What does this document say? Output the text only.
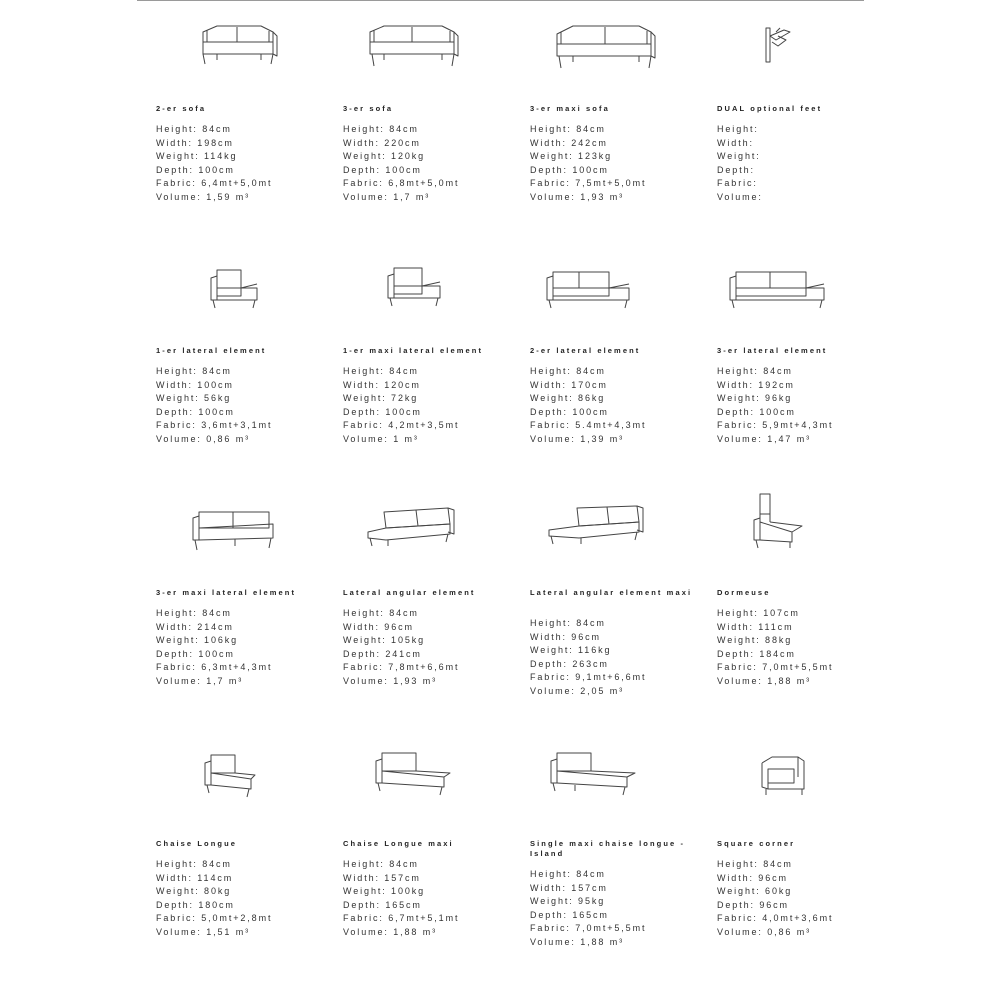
2-er sofa
Height: 84cm
Width: 198cm
Weight: 114kg
Depth: 100cm
Fabric: 6,4mt+5,0mt
Volume: 1,59 m³
3-er sofa
Height: 84cm
Width: 220cm
Weight: 120kg
Depth: 100cm
Fabric: 6,8mt+5,0mt
Volume: 1,7 m³
3-er maxi sofa
Height: 84cm
Width: 242cm
Weight: 123kg
Depth: 100cm
Fabric: 7,5mt+5,0mt
Volume: 1,93 m³
DUAL optional feet
Height:
Width:
Weight:
Depth:
Fabric:
Volume:
1-er lateral element
Height: 84cm
Width: 100cm
Weight: 56kg
Depth: 100cm
Fabric: 3,6mt+3,1mt
Volume: 0,86 m³
1-er maxi lateral element
Height: 84cm
Width: 120cm
Weight: 72kg
Depth: 100cm
Fabric: 4,2mt+3,5mt
Volume: 1 m³
2-er lateral element
Height: 84cm
Width: 170cm
Weight: 86kg
Depth: 100cm
Fabric: 5.4mt+4,3mt
Volume: 1,39 m³
3-er lateral element
Height: 84cm
Width: 192cm
Weight: 96kg
Depth: 100cm
Fabric: 5,9mt+4,3mt
Volume: 1,47 m³
3-er maxi lateral element
Height: 84cm
Width: 214cm
Weight: 106kg
Depth: 100cm
Fabric: 6,3mt+4,3mt
Volume: 1,7 m³
Lateral angular element
Height: 84cm
Width: 96cm
Weight: 105kg
Depth: 241cm
Fabric: 7,8mt+6,6mt
Volume: 1,93 m³
Lateral angular element maxi
Height: 84cm
Width: 96cm
Weight: 116kg
Depth: 263cm
Fabric: 9,1mt+6,6mt
Volume: 2,05 m³
Dormeuse
Height: 107cm
Width: 111cm
Weight: 88kg
Depth: 184cm
Fabric: 7,0mt+5,5mt
Volume: 1,88 m³
Chaise Longue
Height: 84cm
Width: 114cm
Weight: 80kg
Depth: 180cm
Fabric: 5,0mt+2,8mt
Volume: 1,51 m³
Chaise Longue maxi
Height: 84cm
Width: 157cm
Weight: 100kg
Depth: 165cm
Fabric: 6,7mt+5,1mt
Volume: 1,88 m³
Single maxi chaise longue - Island
Height: 84cm
Width: 157cm
Weight: 95kg
Depth: 165cm
Fabric: 7,0mt+5,5mt
Volume: 1,88 m³
Square corner
Height: 84cm
Width: 96cm
Weight: 60kg
Depth: 96cm
Fabric: 4,0mt+3,6mt
Volume: 0,86 m³
